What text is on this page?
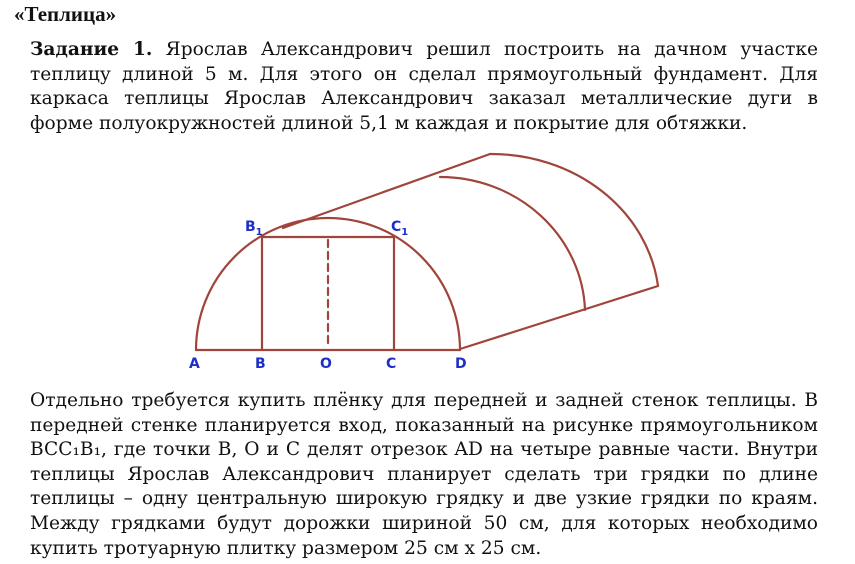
«Теплица»
Задание 1. Ярослав Александрович решил построить на дачном участке теплицу длиной 5 м. Для этого он сделал прямоугольный фундамент. Для каркаса теплицы Ярослав Александрович заказал металлические дуги в форме полуокружностей длиной 5,1 м каждая и покрытие для обтяжки.
A	B	O	C	D
$B_1$	$C_1$
Отдельно требуется купить плёнку для передней и задней стенок теплицы. В передней стенке планируется вход, показанный на рисунке прямоугольником BCC₁B₁, где точки B, O и C делят отрезок AD на четыре равные части. Внутри теплицы Ярослав Александрович планирует сделать три грядки по длине теплицы – одну центральную широкую грядку и две узкие грядки по краям. Между грядками будут дорожки шириной 50 см, для которых необходимо купить тротуарную плитку размером 25 см x 25 см.
